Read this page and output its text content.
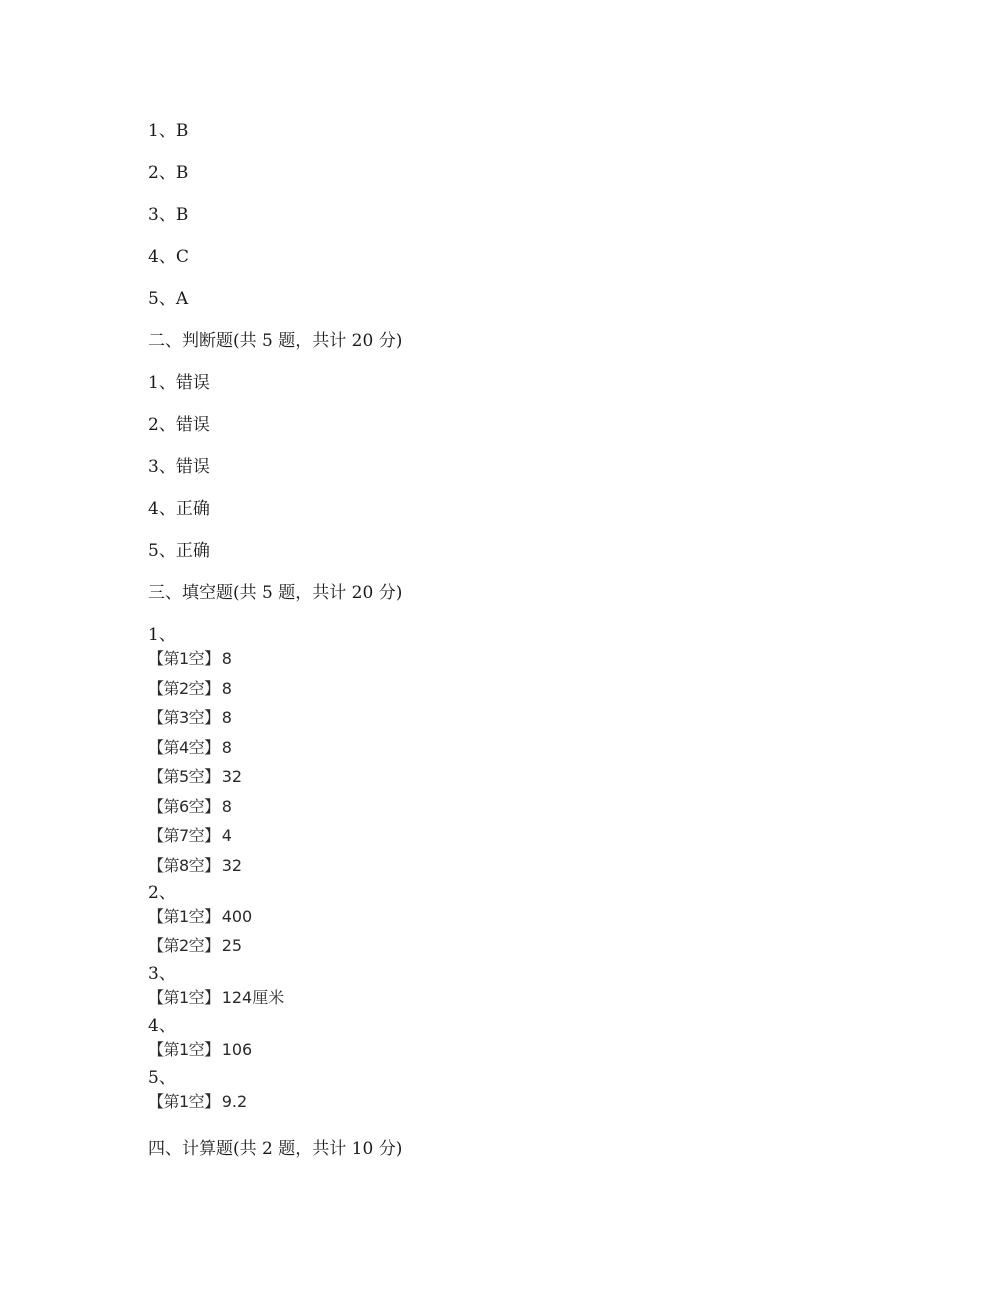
1、B
2、B
3、B
4、C
5、A
二、判断题(共 5 题，共计 20 分)
1、错误
2、错误
3、错误
4、正确
5、正确
三、填空题(共 5 题，共计 20 分)
1、
【第1空】 8
【第2空】 8
【第3空】 8
【第4空】 8
【第5空】 32
【第6空】 8
【第7空】 4
【第8空】 32
2、
【第1空】 400
【第2空】 25
3、
【第1空】 124厘米
4、
【第1空】 106
5、
【第1空】 9.2
四、计算题(共 2 题，共计 10 分)
